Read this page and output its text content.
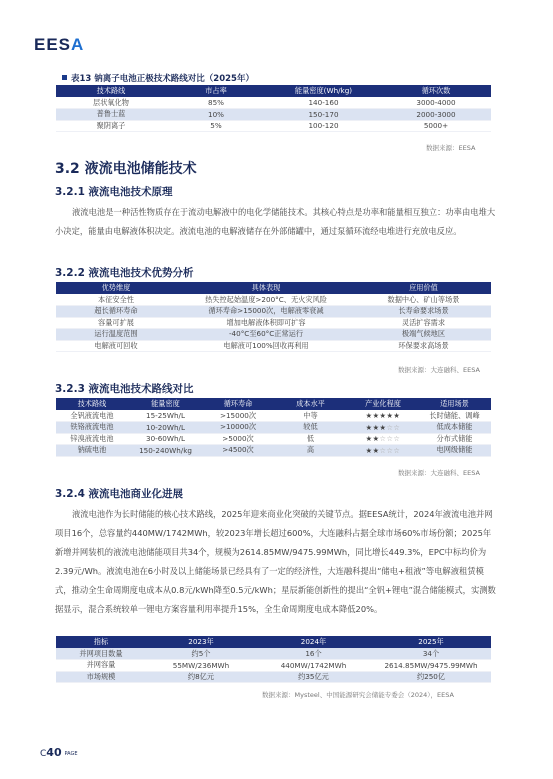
EESA
表13 钠离子电池正极技术路线对比（2025年）
技术路线	市占率	能量密度(Wh/kg)	循环次数
层状氧化物	85%	140-160	3000-4000
普鲁士蓝	10%	150-170	2000-3000
聚阴离子	5%	100-120	5000+
数据来源：EESA
3.2 液流电池储能技术
3.2.1 液流电池技术原理

液流电池是一种活性物质存在于流动电解液中的电化学储能技术。其核心特点是功率和能量相互独立：功率由电堆大小决定，能量由电解液体积决定。液流电池的电解液储存在外部储罐中，通过泵循环流经电堆进行充放电反应。

3.2.2 液流电池技术优势分析
优势维度	具体表现	应用价值
本征安全性	热失控起始温度>200°C、无火灾风险	数据中心、矿山等场景
超长循环寿命	循环寿命>15000次，电解液零衰减	长寿命要求场景
容量可扩展	增加电解液体积即可扩容	灵活扩容需求
运行温度范围	-40°C至60°C正常运行	极端气候地区
电解液可回收	电解液可100%回收再利用	环保要求高场景
数据来源：大连融科、EESA
3.2.3 液流电池技术路线对比
技术路线	能量密度	循环寿命	成本水平	产业化程度	适用场景
全钒液流电池	15-25Wh/L	>15000次	中等	★★★★★	长时储能、调峰
铁铬液流电池	10-20Wh/L	>10000次	较低	★★★☆☆	低成本储能
锌溴液流电池	30-60Wh/L	>5000次	低	★★☆☆☆	分布式储能
钠硫电池	150-240Wh/kg	>4500次	高	★★☆☆☆	电网级储能
数据来源：大连融科、EESA
3.2.4 液流电池商业化进展

液流电池作为长时储能的核心技术路线，2025年迎来商业化突破的关键节点。据EESA统计，2024年液流电池并网项目16个，总容量约440MW/1742MWh，较2023年增长超过600%，大连融科占据全球市场60%市场份额；2025年新增并网装机的液流电池储能项目共34个，规模为2614.85MW/9475.99MWh，同比增长449.3%，EPC中标均价为2.39元/Wh。液流电池在6小时及以上储能场景已经具有了一定的经济性，大连融科提出“储电+租液”等电解液租赁模式，推动全生命周期度电成本从0.8元/kWh降至0.5元/kWh；星辰新能创新性的提出“全钒+锂电”混合储能模式，实测数据显示，混合系统较单一锂电方案容量利用率提升15%，全生命周期度电成本降低20%。

指标	2023年	2024年	2025年
并网项目数量	约5个	16个	34个
并网容量	55MW/236MWh	440MW/1742MWh	2614.85MW/9475.99MWh
市场规模	约8亿元	约35亿元	约250亿
数据来源：Mysteel、中国能源研究会储能专委会（2024），EESA
C40 PAGE
